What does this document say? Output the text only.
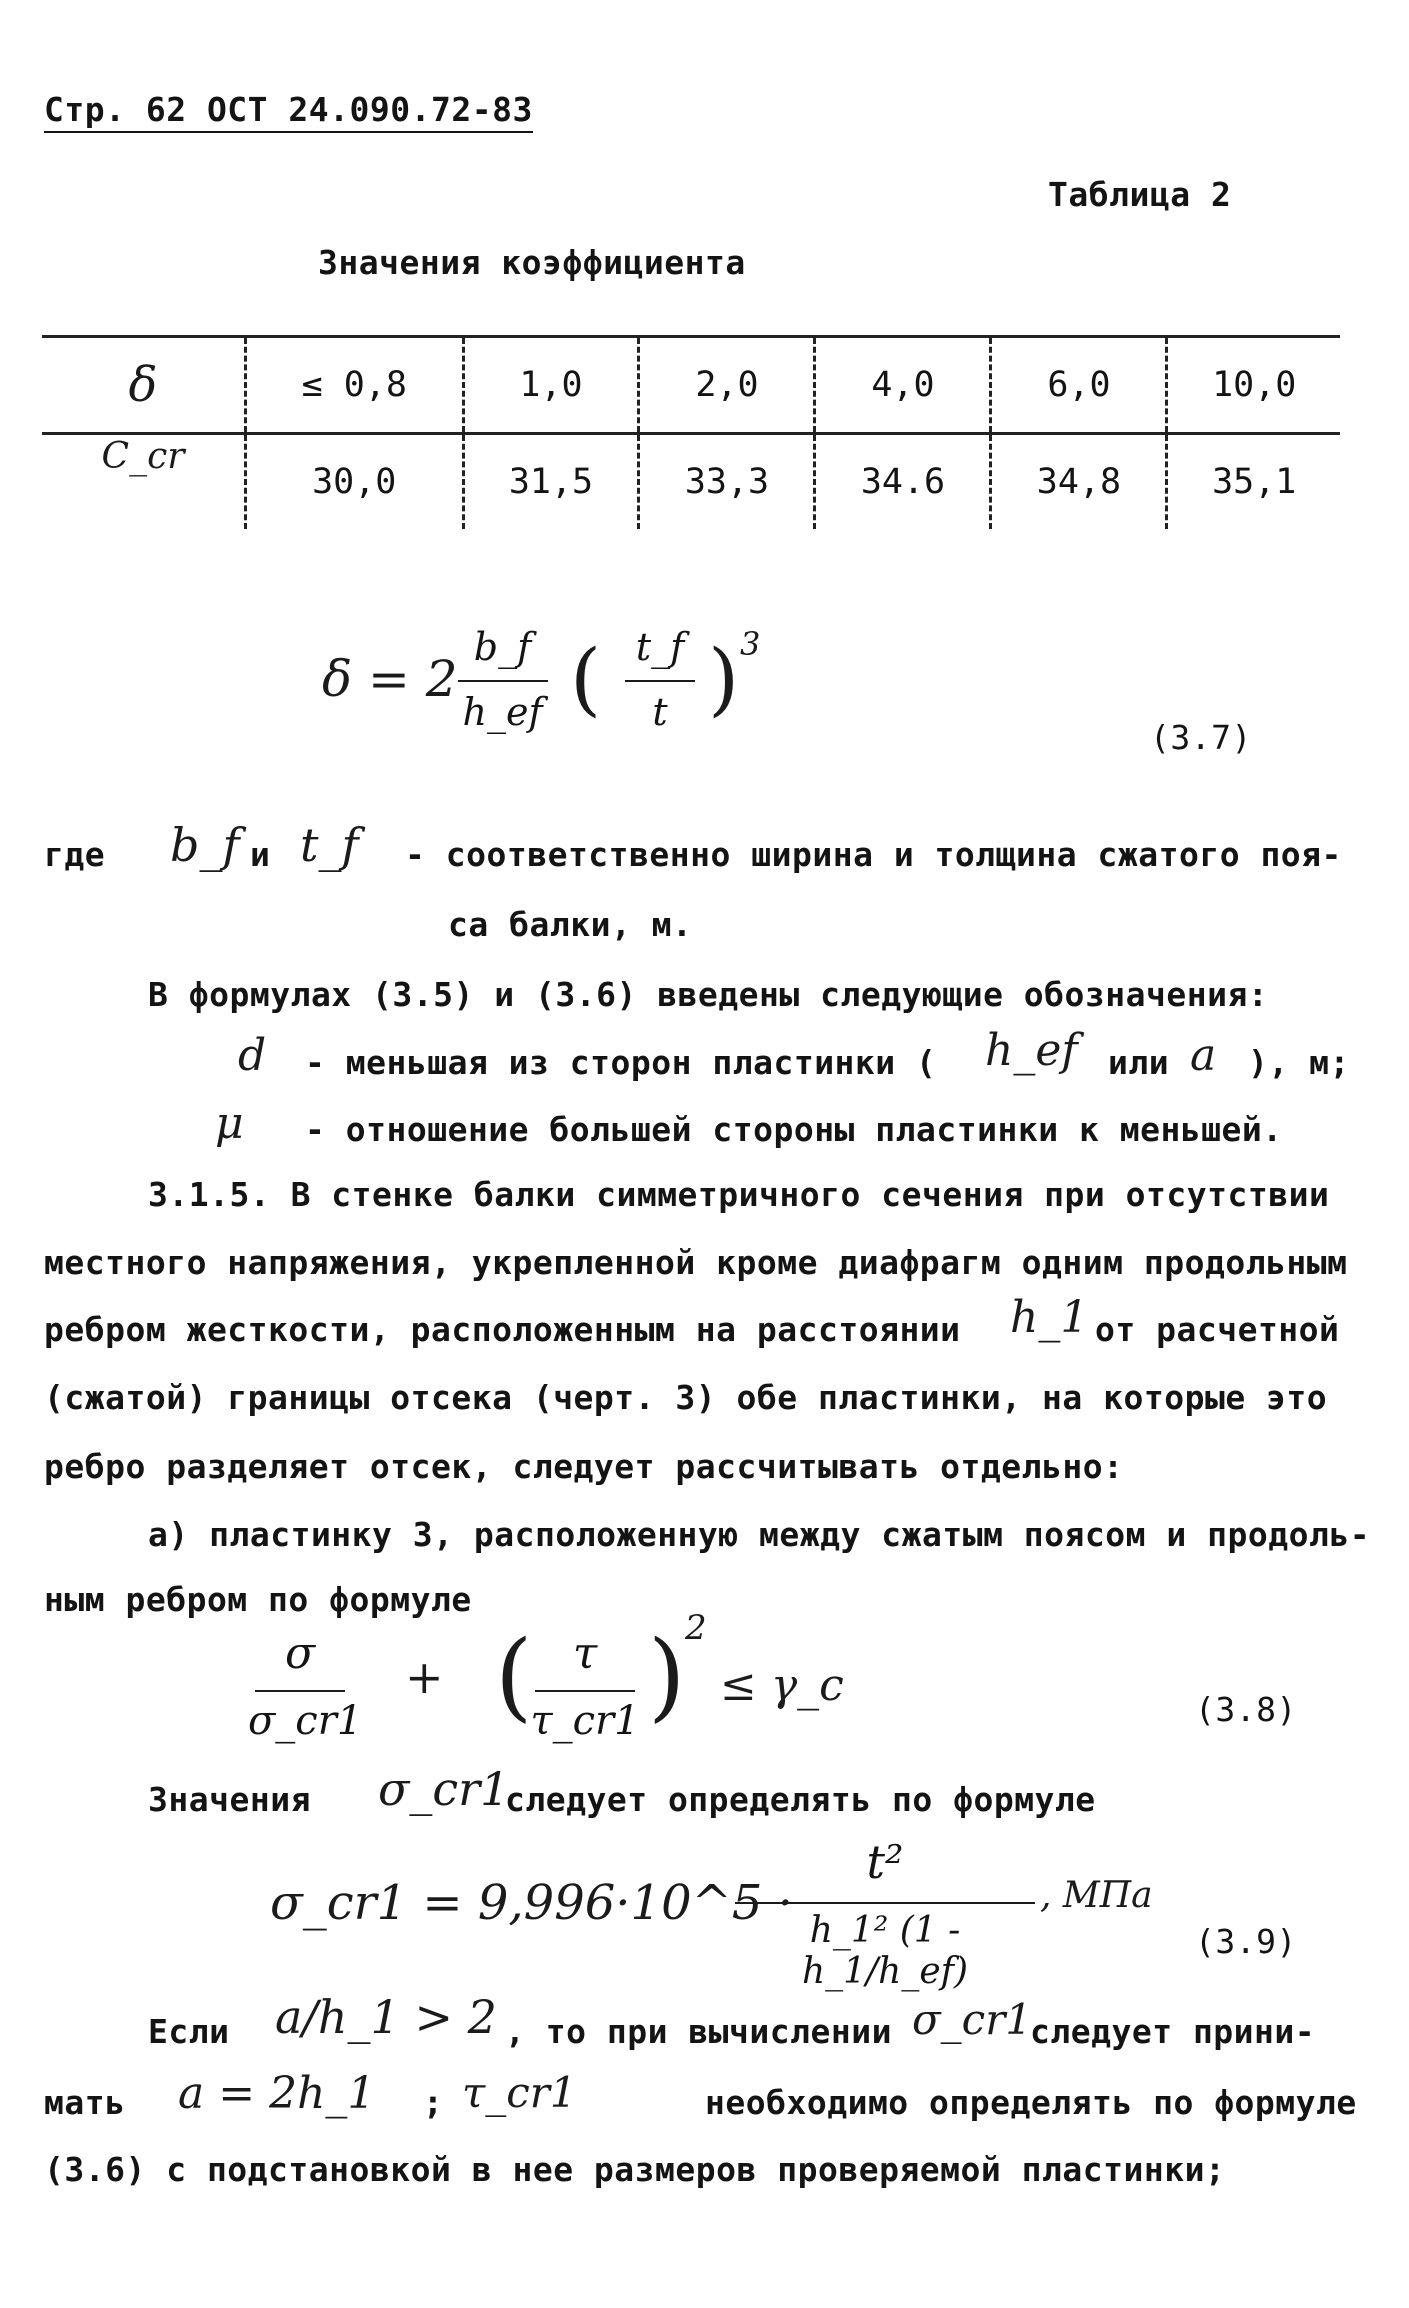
Стр. 62 ОСТ 24.090.72-83
Таблица 2
Значения коэффициента
δ	≤ 0,8	1,0	2,0	4,0	6,0	10,0
C_cr	30,0	31,5	33,3	34.6	34,8	35,1
δ = 2
b_f
h_ef ( t_f
t ) 3
(3.7)
где b_f и t_f - соответственно ширина и толщина сжатого поя-
са балки, м.
В формулах (3.5) и (3.6) введены следующие обозначения:
d - меньшая из сторон пластинки ( h_ef или a ), м;
μ - отношение большей стороны пластинки к меньшей.
3.1.5. В стенке балки симметричного сечения при отсутствии
местного напряжения, укрепленной кроме диафрагм одним продольным
ребром жесткости, расположенным на расстоянии h_1 от расчетной
(сжатой) границы отсека (черт. 3) обе пластинки, на которые это
ребро разделяет отсек, следует рассчитывать отдельно:
а) пластинку 3, расположенную между сжатым поясом и продоль-
ным ребром по формуле
σ
σ_cr1
+ ( τ
τ_cr1 ) 2
≤ γ_c	(3.8)
Значения σ_cr1
следует определять по формуле
σ_cr1 = 9,996·10^5 ·
t²
h_1² (1 - h_1/h_ef)
, МПа
(3.9)
Если a/h_1 > 2 , то при вычислении σ_cr1
следует прини-
мать a = 2h_1 ; τ_cr1	необходимо определять по формуле
(3.6) с подстановкой в нее размеров проверяемой пластинки;
